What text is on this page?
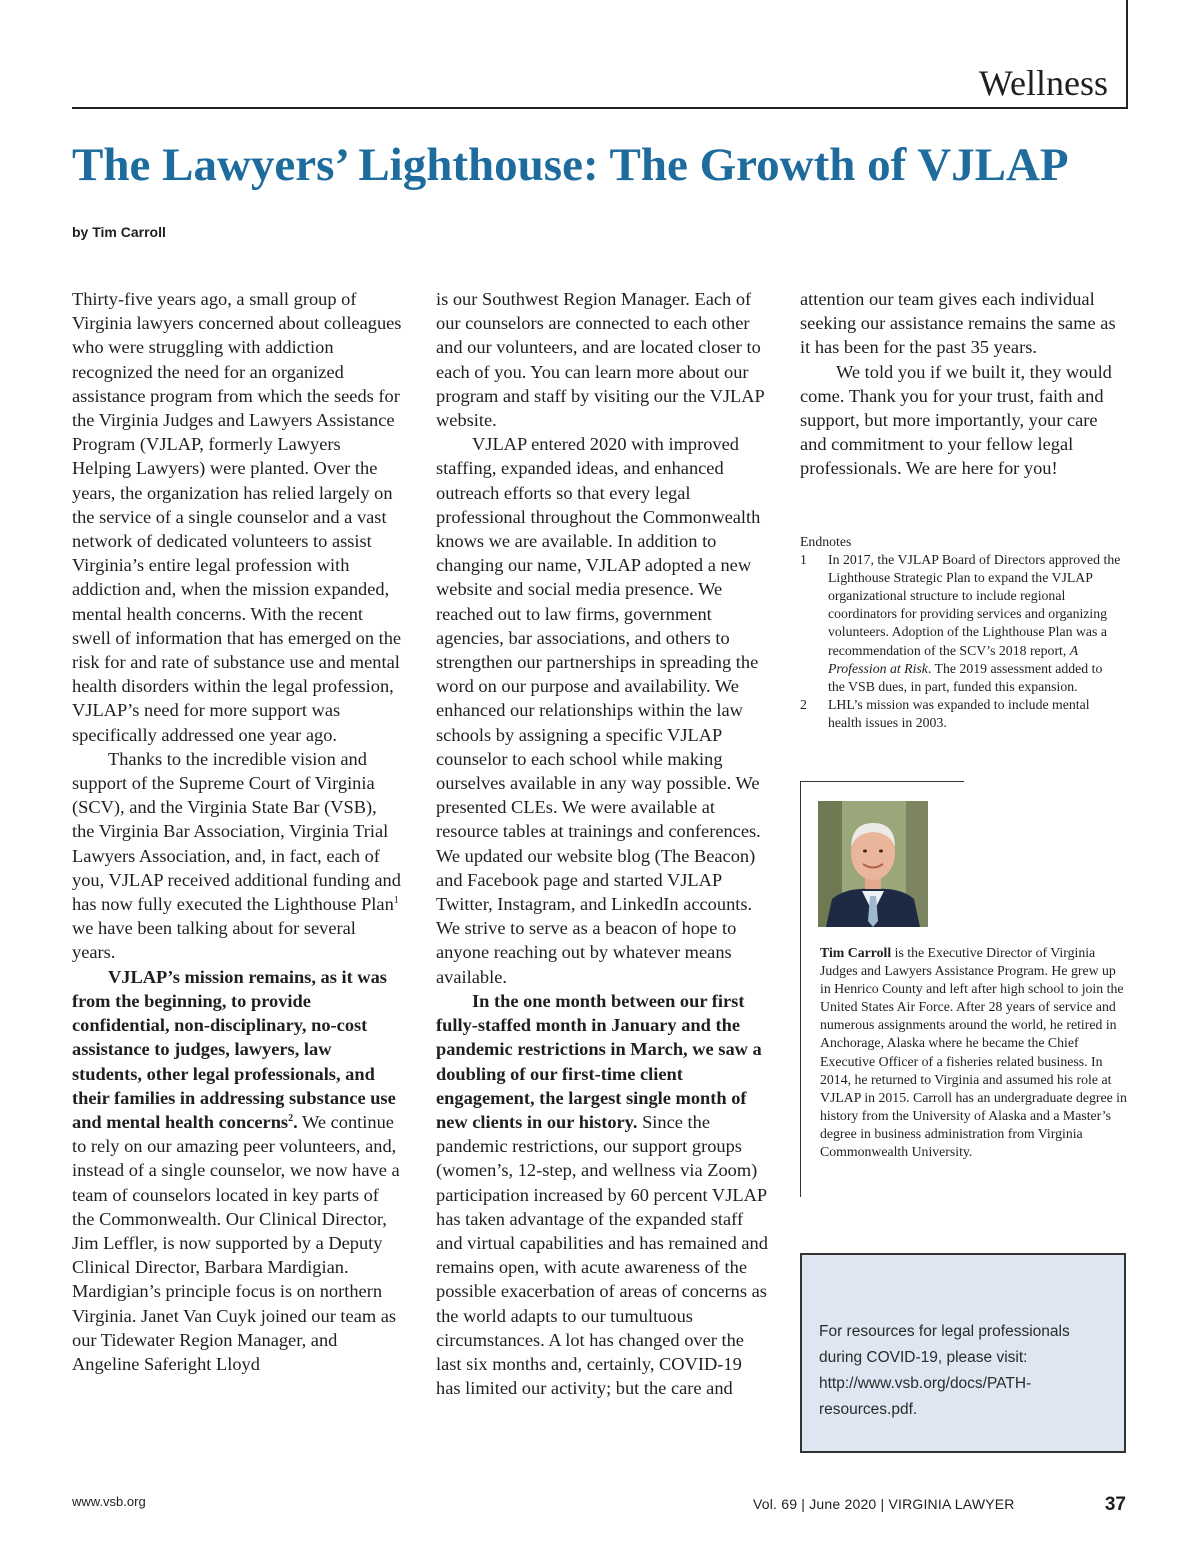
Wellness
The Lawyers’ Lighthouse: The Growth of VJLAP
by Tim Carroll

Thirty-five years ago, a small group of Virginia lawyers concerned about colleagues who were struggling with addiction recognized the need for an organized assistance program from which the seeds for the Virginia Judges and Lawyers Assistance Program (VJLAP, formerly Lawyers Helping Lawyers) were planted. Over the years, the organization has relied largely on the service of a single counselor and a vast network of dedicated volunteers to assist Virginia’s entire legal profession with addiction and, when the mission expanded, mental health concerns. With the recent swell of information that has emerged on the risk for and rate of substance use and mental health disorders within the legal profession, VJLAP’s need for more support was specifically addressed one year ago.

Thanks to the incredible vision and support of the Supreme Court of Virginia (SCV), and the Virginia State Bar (VSB), the Virginia Bar Association, Virginia Trial Lawyers Association, and, in fact, each of you, VJLAP received additional funding and has now fully executed the Lighthouse Plan$^1$ we have been talking about for several years.

VJLAP’s mission remains, as it was from the beginning, to provide confidential, non-disciplinary, no-cost assistance to judges, lawyers, law students, other legal professionals, and their families in addressing substance use and mental health concerns$^2$. We continue to rely on our amazing peer volunteers, and, instead of a single counselor, we now have a team of counselors located in key parts of the Commonwealth. Our Clinical Director, Jim Leffler, is now supported by a Deputy Clinical Director, Barbara Mardigian. Mardigian’s principle focus is on northern Virginia. Janet Van Cuyk joined our team as our Tidewater Region Manager, and Angeline Saferight Lloyd

is our Southwest Region Manager. Each of our counselors are connected to each other and our volunteers, and are located closer to each of you. You can learn more about our program and staff by visiting our the VJLAP website.

VJLAP entered 2020 with improved staffing, expanded ideas, and enhanced outreach efforts so that every legal professional throughout the Commonwealth knows we are available. In addition to changing our name, VJLAP adopted a new website and social media presence. We reached out to law firms, government agencies, bar associations, and others to strengthen our partnerships in spreading the word on our purpose and availability. We enhanced our relationships within the law schools by assigning a specific VJLAP counselor to each school while making ourselves available in any way possible. We presented CLEs. We were available at resource tables at trainings and conferences. We updated our website blog (The Beacon) and Facebook page and started VJLAP Twitter, Instagram, and LinkedIn accounts. We strive to serve as a beacon of hope to anyone reaching out by whatever means available.

In the one month between our first fully-staffed month in January and the pandemic restrictions in March, we saw a doubling of our first-time client engagement, the largest single month of new clients in our history. Since the pandemic restrictions, our support groups (women’s, 12-step, and wellness via Zoom) participation increased by 60 percent VJLAP has taken advantage of the expanded staff and virtual capabilities and has remained and remains open, with acute awareness of the possible exacerbation of areas of concerns as the world adapts to our tumultuous circumstances. A lot has changed over the last six months and, certainly, COVID-19 has limited our activity; but the care and

attention our team gives each individual seeking our assistance remains the same as it has been for the past 35 years.

We told you if we built it, they would come. Thank you for your trust, faith and support, but more importantly, your care and commitment to your fellow legal professionals. We are here for you!

Endnotes

1 In 2017, the VJLAP Board of Directors approved the Lighthouse Strategic Plan to expand the VJLAP organizational structure to include regional coordinators for providing services and organizing volunteers. Adoption of the Lighthouse Plan was a recommendation of the SCV’s 2018 report, A Profession at Risk. The 2019 assessment added to the VSB dues, in part, funded this expansion.

2 LHL’s mission was expanded to include mental health issues in 2003.

Tim Carroll is the Executive Director of Virginia Judges and Lawyers Assistance Program. He grew up in Henrico County and left after high school to join the United States Air Force. After 28 years of service and numerous assignments around the world, he retired in Anchorage, Alaska where he became the Chief Executive Officer of a fisheries related business. In 2014, he returned to Virginia and assumed his role at VJLAP in 2015. Carroll has an undergraduate degree in history from the University of Alaska and a Master’s degree in business administration from Virginia Commonwealth University.

For resources for legal professionals during COVID-19, please visit: http://www.vsb.org/docs/PATH-resources.pdf.

www.vsb.org	Vol. 69 | June 2020 | VIRGINIA LAWYER	37
